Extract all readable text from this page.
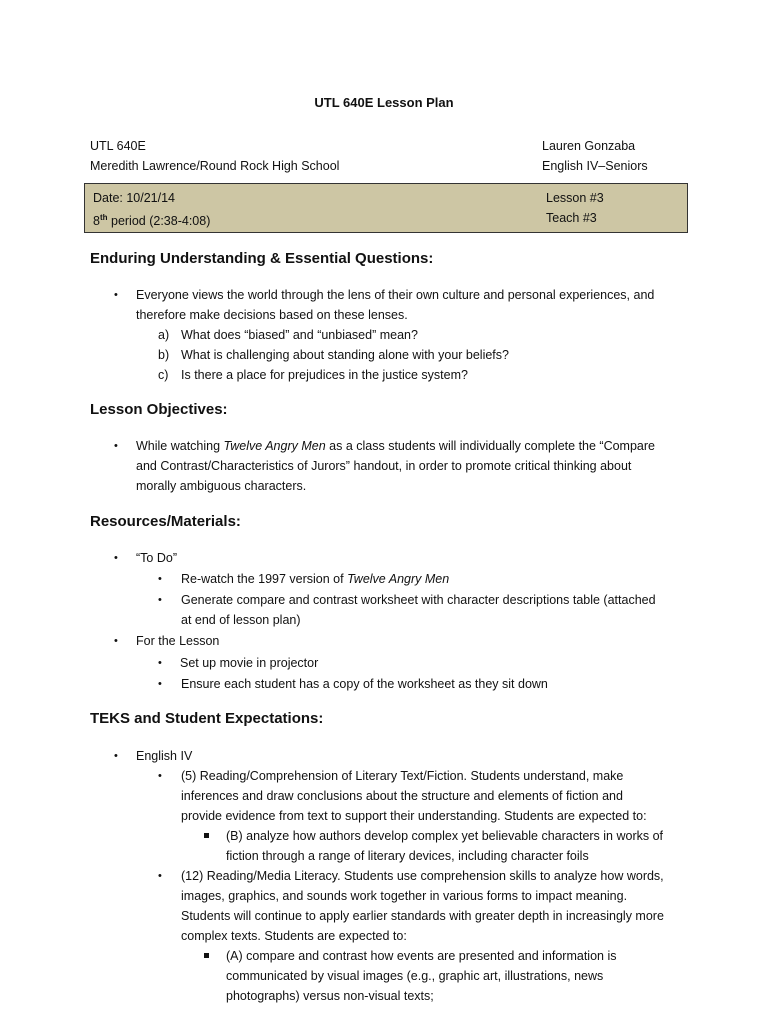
UTL 640E Lesson Plan
UTL 640E
Meredith Lawrence/Round Rock High School
Lauren Gonzaba
English IV–Seniors
Date: 10/21/14
8th period (2:38-4:08)
Lesson #3
Teach #3
Enduring Understanding & Essential Questions:
• Everyone views the world through the lens of their own culture and personal experiences, and
therefore make decisions based on these lenses.
a) What does “biased” and “unbiased” mean?
b) What is challenging about standing alone with your beliefs?
c) Is there a place for prejudices in the justice system?
Lesson Objectives:
• While watching Twelve Angry Men as a class students will individually complete the “Compare
and Contrast/Characteristics of Jurors” handout, in order to promote critical thinking about
morally ambiguous characters.
Resources/Materials:
• “To Do”
• Re-watch the 1997 version of Twelve Angry Men
• Generate compare and contrast worksheet with character descriptions table (attached
at end of lesson plan)
• For the Lesson
• Set up movie in projector
• Ensure each student has a copy of the worksheet as they sit down
TEKS and Student Expectations:
• English IV
• (5) Reading/Comprehension of Literary Text/Fiction. Students understand, make
inferences and draw conclusions about the structure and elements of fiction and
provide evidence from text to support their understanding. Students are expected to:
(B) analyze how authors develop complex yet believable characters in works of
fiction through a range of literary devices, including character foils
• (12) Reading/Media Literacy. Students use comprehension skills to analyze how words,
images, graphics, and sounds work together in various forms to impact meaning.
Students will continue to apply earlier standards with greater depth in increasingly more
complex texts. Students are expected to:
(A) compare and contrast how events are presented and information is
communicated by visual images (e.g., graphic art, illustrations, news
photographs) versus non-visual texts;
